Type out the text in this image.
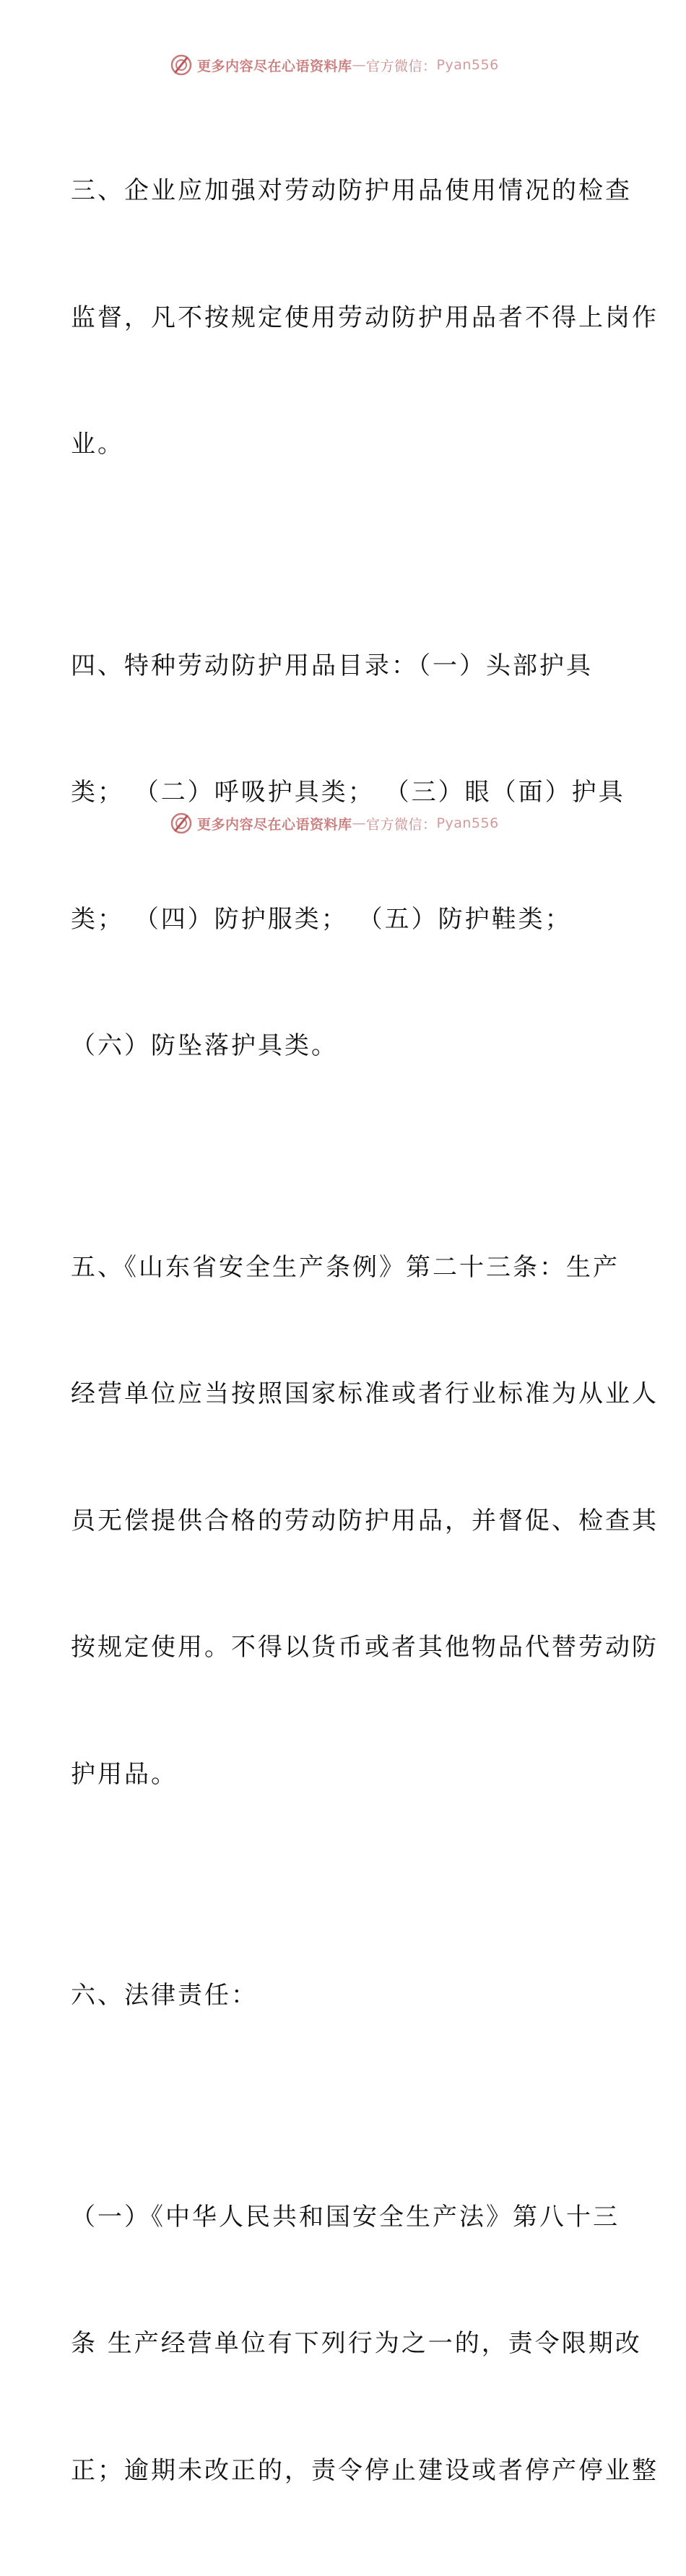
更多内容尽在心语资料库 — 官方微信： Pyan556

三、企业应加强对劳动防护用品使用情况的检查

监督，凡不按规定使用劳动防护用品者不得上岗作

业。

四、特种劳动防护用品目录：（一）头部护具

类； （二）呼吸护具类； （三）眼（面）护具

类； （四）防护服类； （五）防护鞋类；

（六）防坠落护具类。

五、《山东省安全生产条例》第二十三条：生产

经营单位应当按照国家标准或者行业标准为从业人

员无偿提供合格的劳动防护用品，并督促、检查其

按规定使用。不得以货币或者其他物品代替劳动防

护用品。

六、法律责任：

（一）《中华人民共和国安全生产法》第八十三

条 生产经营单位有下列行为之一的，责令限期改

正；逾期未改正的，责令停止建设或者停产停业整

更多内容尽在心语资料库 — 官方微信： Pyan556
